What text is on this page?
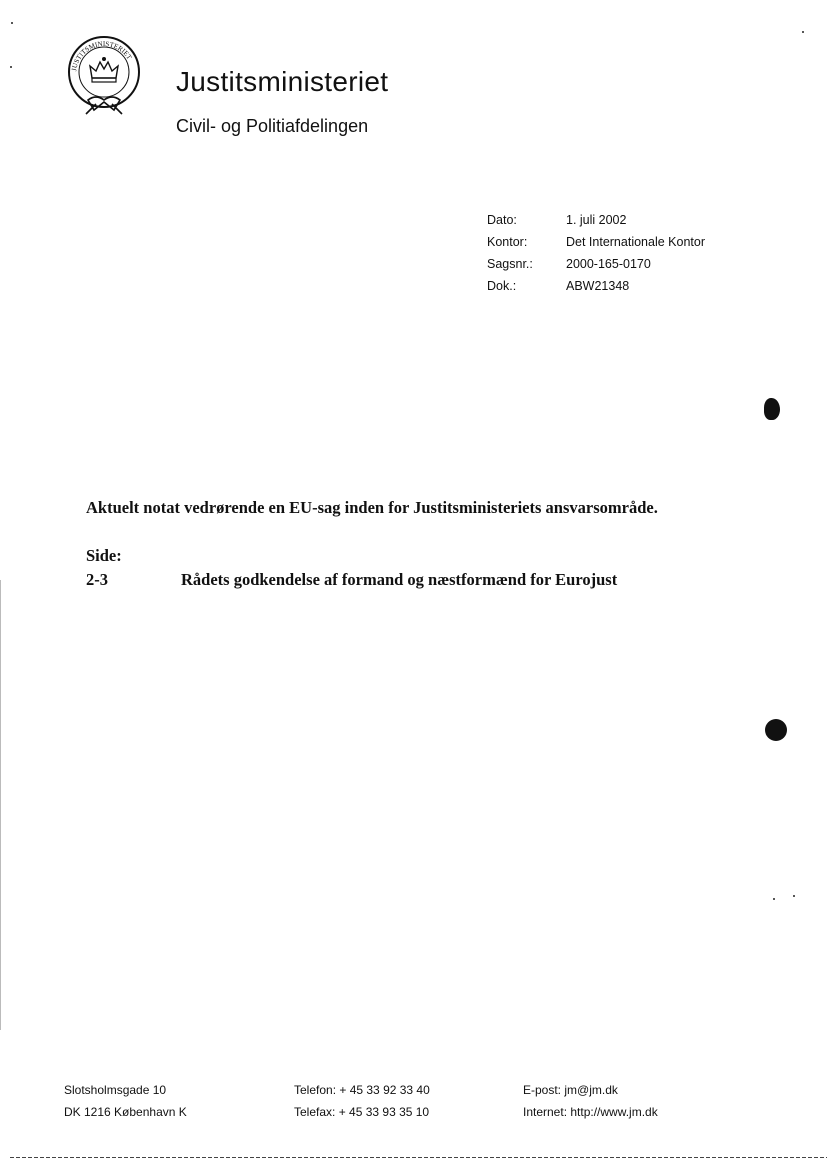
JUSTITSMINISTERIET
Justitsministeriet
Civil- og Politiafdelingen
Dato:	1. juli 2002
Kontor:	Det Internationale Kontor
Sagsnr.:	2000-165-0170
Dok.:	ABW21348
Aktuelt notat vedrørende en EU-sag inden for Justitsministeriets ansvarsområde.
Side:
2-3	Rådets godkendelse af formand og næstformænd for Eurojust
Slotsholmsgade 10
DK 1216 København K
Telefon: + 45 33 92 33 40
Telefax: + 45 33 93 35 10
E-post: jm@jm.dk
Internet: http://www.jm.dk
